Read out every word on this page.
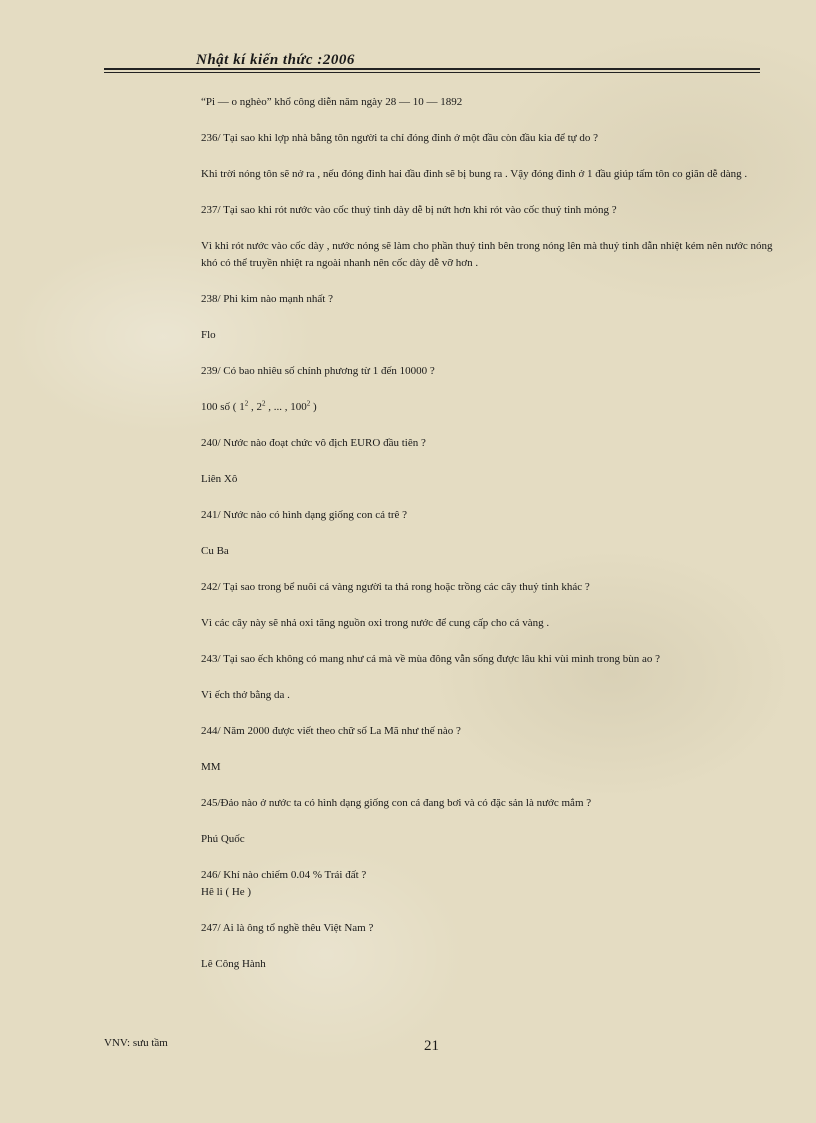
Nhật kí kiến thức :2006

“Pi — o nghèo” khổ công diễn năm ngày 28 — 10 — 1892

236/ Tại sao khi lợp nhà bằng tôn người ta chỉ đóng đinh ở một đầu còn đầu kia để tự do ?

Khi trời nóng tôn sẽ nở ra , nếu đóng đinh hai đầu đinh sẽ bị bung ra . Vậy đóng đinh ở 1 đầu giúp tấm tôn co giãn dễ dàng .

237/ Tại sao khi rót nước vào cốc thuỷ tinh dày dễ bị nứt hơn khi rót vào cốc thuỷ tinh mỏng ?

Vì khi rót nước vào cốc dày , nước nóng sẽ làm cho phần thuỷ tinh bên trong nóng lên mà thuỷ tinh dẫn nhiệt kém nên nước nóng khó có thể truyền nhiệt ra ngoài nhanh nên cốc dày dễ vỡ hơn .

238/ Phi kim nào mạnh nhất ?

Flo

239/ Có bao nhiêu số chính phương từ 1 đến 10000 ?

100 số ( $1^2$ , $2^2$ , ... , $100^2$ )

240/ Nước nào đoạt chức vô địch EURO đầu tiên ?

Liên Xô

241/ Nước nào có hình dạng giống con cá trê ?

Cu Ba

242/ Tại sao trong bể nuôi cá vàng người ta thả rong hoặc trồng các cây thuỷ tinh khác ?

Vì các cây này sẽ nhả oxi tăng nguồn oxi trong nước để cung cấp cho cá vàng .

243/ Tại sao ếch không có mang như cá mà về mùa đông vẫn sống được lâu khi vùi mình trong bùn ao ?

Vì ếch thở bằng da .

244/ Năm 2000 được viết theo chữ số La Mã như thế nào ?

MM

245/Đảo nào ở nước ta có hình dạng giống con cá đang bơi và có đặc sản là nước mắm ?

Phú Quốc

246/ Khí nào chiếm 0.04 % Trái đất ?

Hê li ( He )

247/ Ai là ông tổ nghề thêu Việt Nam ?

Lê Công Hành

VNV: sưu tầm	21
